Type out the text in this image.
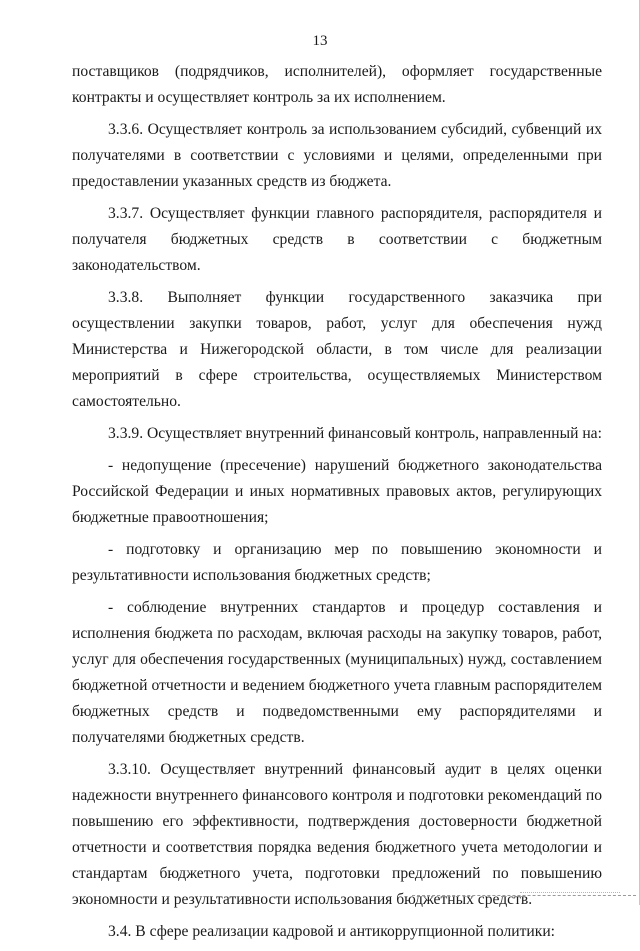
13

поставщиков (подрядчиков, исполнителей), оформляет государственные контракты и осуществляет контроль за их исполнением.

3.3.6. Осуществляет контроль за использованием субсидий, субвенций их получателями в соответствии с условиями и целями, определенными при предоставлении указанных средств из бюджета.

3.3.7. Осуществляет функции главного распорядителя, распорядителя и получателя бюджетных средств в соответствии с бюджетным законодательством.

3.3.8. Выполняет функции государственного заказчика при осуществлении закупки товаров, работ, услуг для обеспечения нужд Министерства и Нижегородской области, в том числе для реализации мероприятий в сфере строительства, осуществляемых Министерством самостоятельно.

3.3.9. Осуществляет внутренний финансовый контроль, направленный на:

- недопущение (пресечение) нарушений бюджетного законодательства Российской Федерации и иных нормативных правовых актов, регулирующих бюджетные правоотношения;

- подготовку и организацию мер по повышению экономности и результативности использования бюджетных средств;

- соблюдение внутренних стандартов и процедур составления и исполнения бюджета по расходам, включая расходы на закупку товаров, работ, услуг для обеспечения государственных (муниципальных) нужд, составлением бюджетной отчетности и ведением бюджетного учета главным распорядителем бюджетных средств и подведомственными ему распорядителями и получателями бюджетных средств.

3.3.10. Осуществляет внутренний финансовый аудит в целях оценки надежности внутреннего финансового контроля и подготовки рекомендаций по повышению его эффективности, подтверждения достоверности бюджетной отчетности и соответствия порядка ведения бюджетного учета методологии и стандартам бюджетного учета, подготовки предложений по повышению экономности и результативности использования бюджетных средств.

3.4. В сфере реализации кадровой и антикоррупционной политики:
